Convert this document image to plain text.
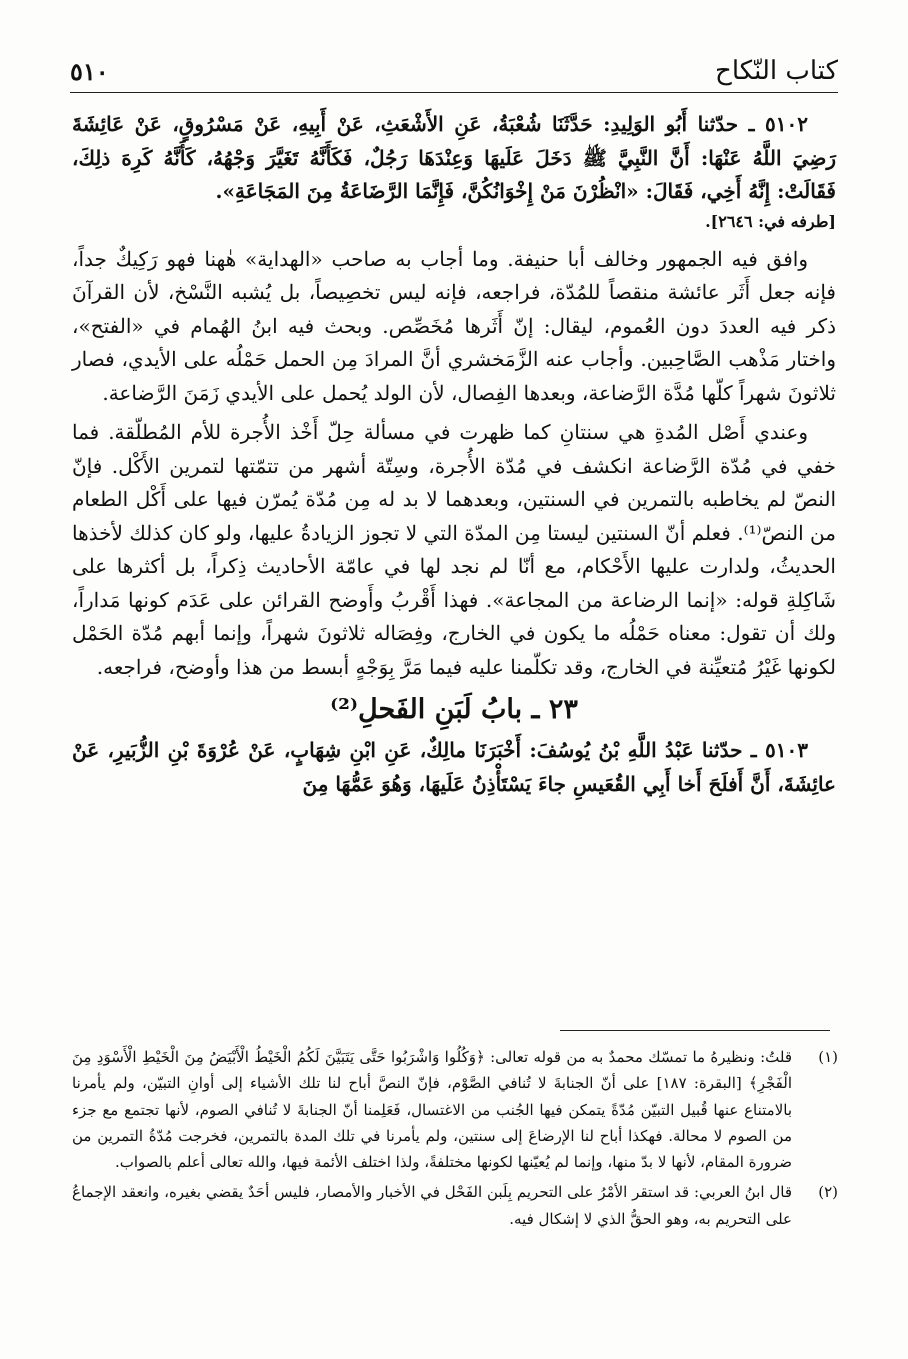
٥١٠	كتاب النّكاح

٥١٠٢ ـ حدّثنا أَبُو الوَلِيدِ: حَدَّثَنَا شُعْبَةُ، عَنِ الأَشْعَثِ، عَنْ أَبِيهِ، عَنْ مَسْرُوقٍ، عَنْ عَائِشَةَ رَضِيَ اللَّهُ عَنْهَا: أَنَّ النَّبِيَّ ﷺ دَخَلَ عَلَيهَا وَعِنْدَهَا رَجُلٌ، فَكَأَنَّهُ تَغَيَّرَ وَجْهُهُ، كَأَنَّهُ كَرِهَ ذلِكَ، فَقَالَتْ: إِنَّهُ أَخِي، فَقَالَ: «انْظُرْنَ مَنْ إِخْوَانُكُنَّ، فَإِنَّمَا الرَّضَاعَةُ مِنَ المَجَاعَةِ».

[طرفه في: ٢٦٤٦].

وافق فيه الجمهور وخالف أبا حنيفة. وما أجاب به صاحب «الهداية» هٰهنا فهو رَكِيكٌ جداً، فإنه جعل أَثَر عائشة منقصاً للمُدّة، فراجعه، فإنه ليس تخصِيصاً، بل يُشبه النَّسْخ، لأن القرآنَ ذكر فيه العددَ دون العُموم، ليقال: إنّ أَثَرها مُخَصِّص. وبحث فيه ابنُ الهُمام في «الفتح»، واختار مَذْهب الصَّاحِبين. وأجاب عنه الزَّمَخشري أنَّ المرادَ مِن الحمل حَمْلُه على الأيدي، فصار ثلاثونَ شهراً كلّها مُدَّة الرَّضاعة، وبعدها الفِصال، لأن الولد يُحمل على الأيدي زَمَنَ الرَّضاعة.

وعندي أَصْل المُدةِ هي سنتانِ كما ظهرت في مسألة حِلّ أَخْذ الأُجرة للأم المُطلّقة. فما خفي في مُدّة الرَّضاعة انكشف في مُدّة الأُجرة، وسِتّة أشهر من تتمّتها لتمرين الأَكْل. فإنّ النصّ لم يخاطبه بالتمرين في السنتين، وبعدهما لا بد له مِن مُدّة يُمرّن فيها على أَكْل الطعام من النصّ⁽¹⁾. فعلم أنّ السنتين ليستا مِن المدّة التي لا تجوز الزيادةُ عليها، ولو كان كذلك لأخذها الحديثُ، ولدارت عليها الأَحْكام، مع أنّا لم نجد لها في عامّة الأحاديث ذِكراً، بل أكثرها على شَاكِلةِ قوله: «إنما الرضاعة من المجاعة». فهذا أَقْربُ وأَوضح القرائن على عَدَم كونها مَداراً، ولك أن تقول: معناه حَمْلُه ما يكون في الخارج، وفِصَاله ثلاثونَ شهراً، وإنما أبهم مُدّة الحَمْل لكونها غَيْرُ مُتعيِّنة في الخارج، وقد تكلّمنا عليه فيما مَرَّ بِوَجْهٍ أبسط من هذا وأوضح، فراجعه.

٢٣ ـ بابُ لَبَنِ الفَحلِ⁽²⁾

٥١٠٣ ـ حدّثنا عَبْدُ اللَّهِ بْنُ يُوسُفَ: أَخْبَرَنَا مالِكٌ، عَنِ ابْنِ شِهَابٍ، عَنْ عُرْوَةَ بْنِ الزُّبَيرِ، عَنْ عائِشَةَ، أَنَّ أَفلَحَ أَخا أَبِي القُعَيسِ جاءَ يَسْتَأْذِنُ عَلَيهَا، وَهُوَ عَمُّهَا مِنَ

(١)
قلتُ: ونظيرهُ ما تمسّك محمدٌ به من قوله تعالى: ﴿وَكُلُوا وَاشْرَبُوا حَتَّى يَتَبَيَّنَ لَكُمُ الْخَيْطُ الْأَبْيَضُ مِنَ الْخَيْطِ الْأَسْوَدِ مِنَ الْفَجْرِ﴾ [البقرة: ١٨٧] على أنّ الجنابةَ لا تُنافي الصَّوْم، فإنّ النصَّ أباح لنا تلك الأشياء إلى أوانِ التبيّن، ولم يأمرنا بالامتناع عنها قُبيل التبيّن مُدّةً يتمكن فيها الجُنب من الاغتسال، فَعَلِمنا أنّ الجنابةَ لا تُنافي الصوم، لأنها تجتمع مع جزء من الصوم لا محالة. فهكذا أباح لنا الإرضاعَ إلى سنتين، ولم يأمرنا في تلك المدة بالتمرين، فخرجت مُدّةُ التمرين من ضرورة المقام، لأنها لا بدّ منها، وإنما لم يُعيّنها لكونها مختلفةً، ولذا اختلف الأئمة فيها، والله تعالى أعلم بالصواب.
(٢)
قال ابنُ العربي: قد استقر الأمْرُ على التحريم بِلَبن الفَحْل في الأخبار والأمصار، فليس أحَدٌ يقضي بغيره، وانعقد الإجماعُ على التحريم به، وهو الحقُّ الذي لا إشكال فيه.
